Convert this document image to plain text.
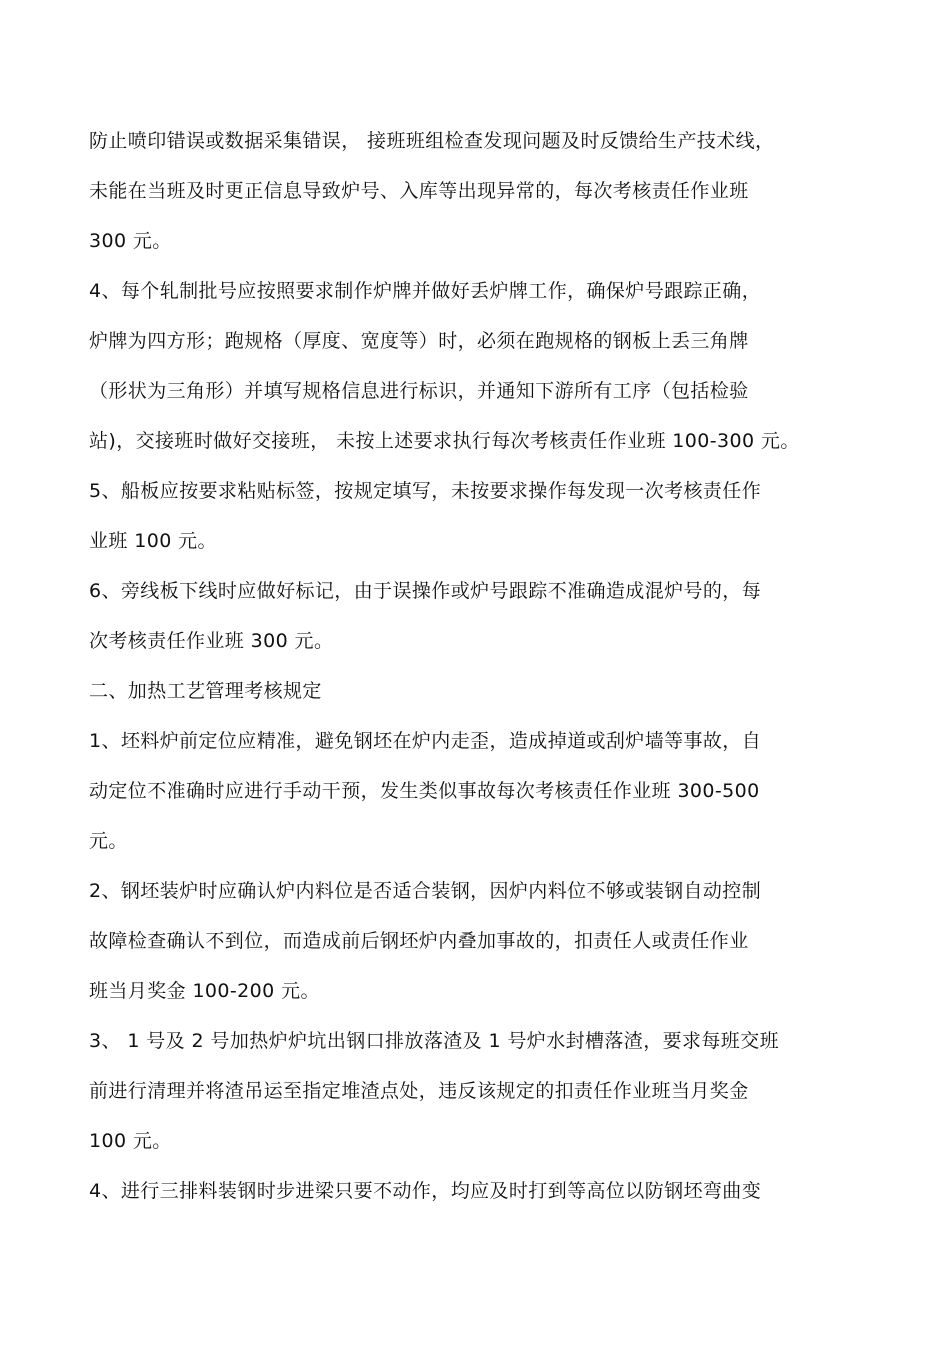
防止喷印错误或数据采集错误， 接班班组检查发现问题及时反馈给生产技术线，
未能在当班及时更正信息导致炉号、入库等出现异常的，每次考核责任作业班
300 元。
4、每个轧制批号应按照要求制作炉牌并做好丢炉牌工作，确保炉号跟踪正确，
炉牌为四方形；跑规格（厚度、宽度等）时，必须在跑规格的钢板上丢三角牌
（形状为三角形）并填写规格信息进行标识，并通知下游所有工序（包括检验
站)，交接班时做好交接班， 未按上述要求执行每次考核责任作业班 100-300 元。
5、船板应按要求粘贴标签，按规定填写，未按要求操作每发现一次考核责任作
业班 100 元。
6、旁线板下线时应做好标记，由于误操作或炉号跟踪不准确造成混炉号的，每
次考核责任作业班 300 元。
二、加热工艺管理考核规定
1、坯料炉前定位应精准，避免钢坯在炉内走歪，造成掉道或刮炉墙等事故，自
动定位不准确时应进行手动干预，发生类似事故每次考核责任作业班 300-500
元。
2、钢坯装炉时应确认炉内料位是否适合装钢，因炉内料位不够或装钢自动控制
故障检查确认不到位，而造成前后钢坯炉内叠加事故的，扣责任人或责任作业
班当月奖金 100-200 元。
3、 1 号及 2 号加热炉炉坑出钢口排放落渣及 1 号炉水封槽落渣，要求每班交班
前进行清理并将渣吊运至指定堆渣点处，违反该规定的扣责任作业班当月奖金
100 元。
4、进行三排料装钢时步进梁只要不动作，均应及时打到等高位以防钢坯弯曲变
